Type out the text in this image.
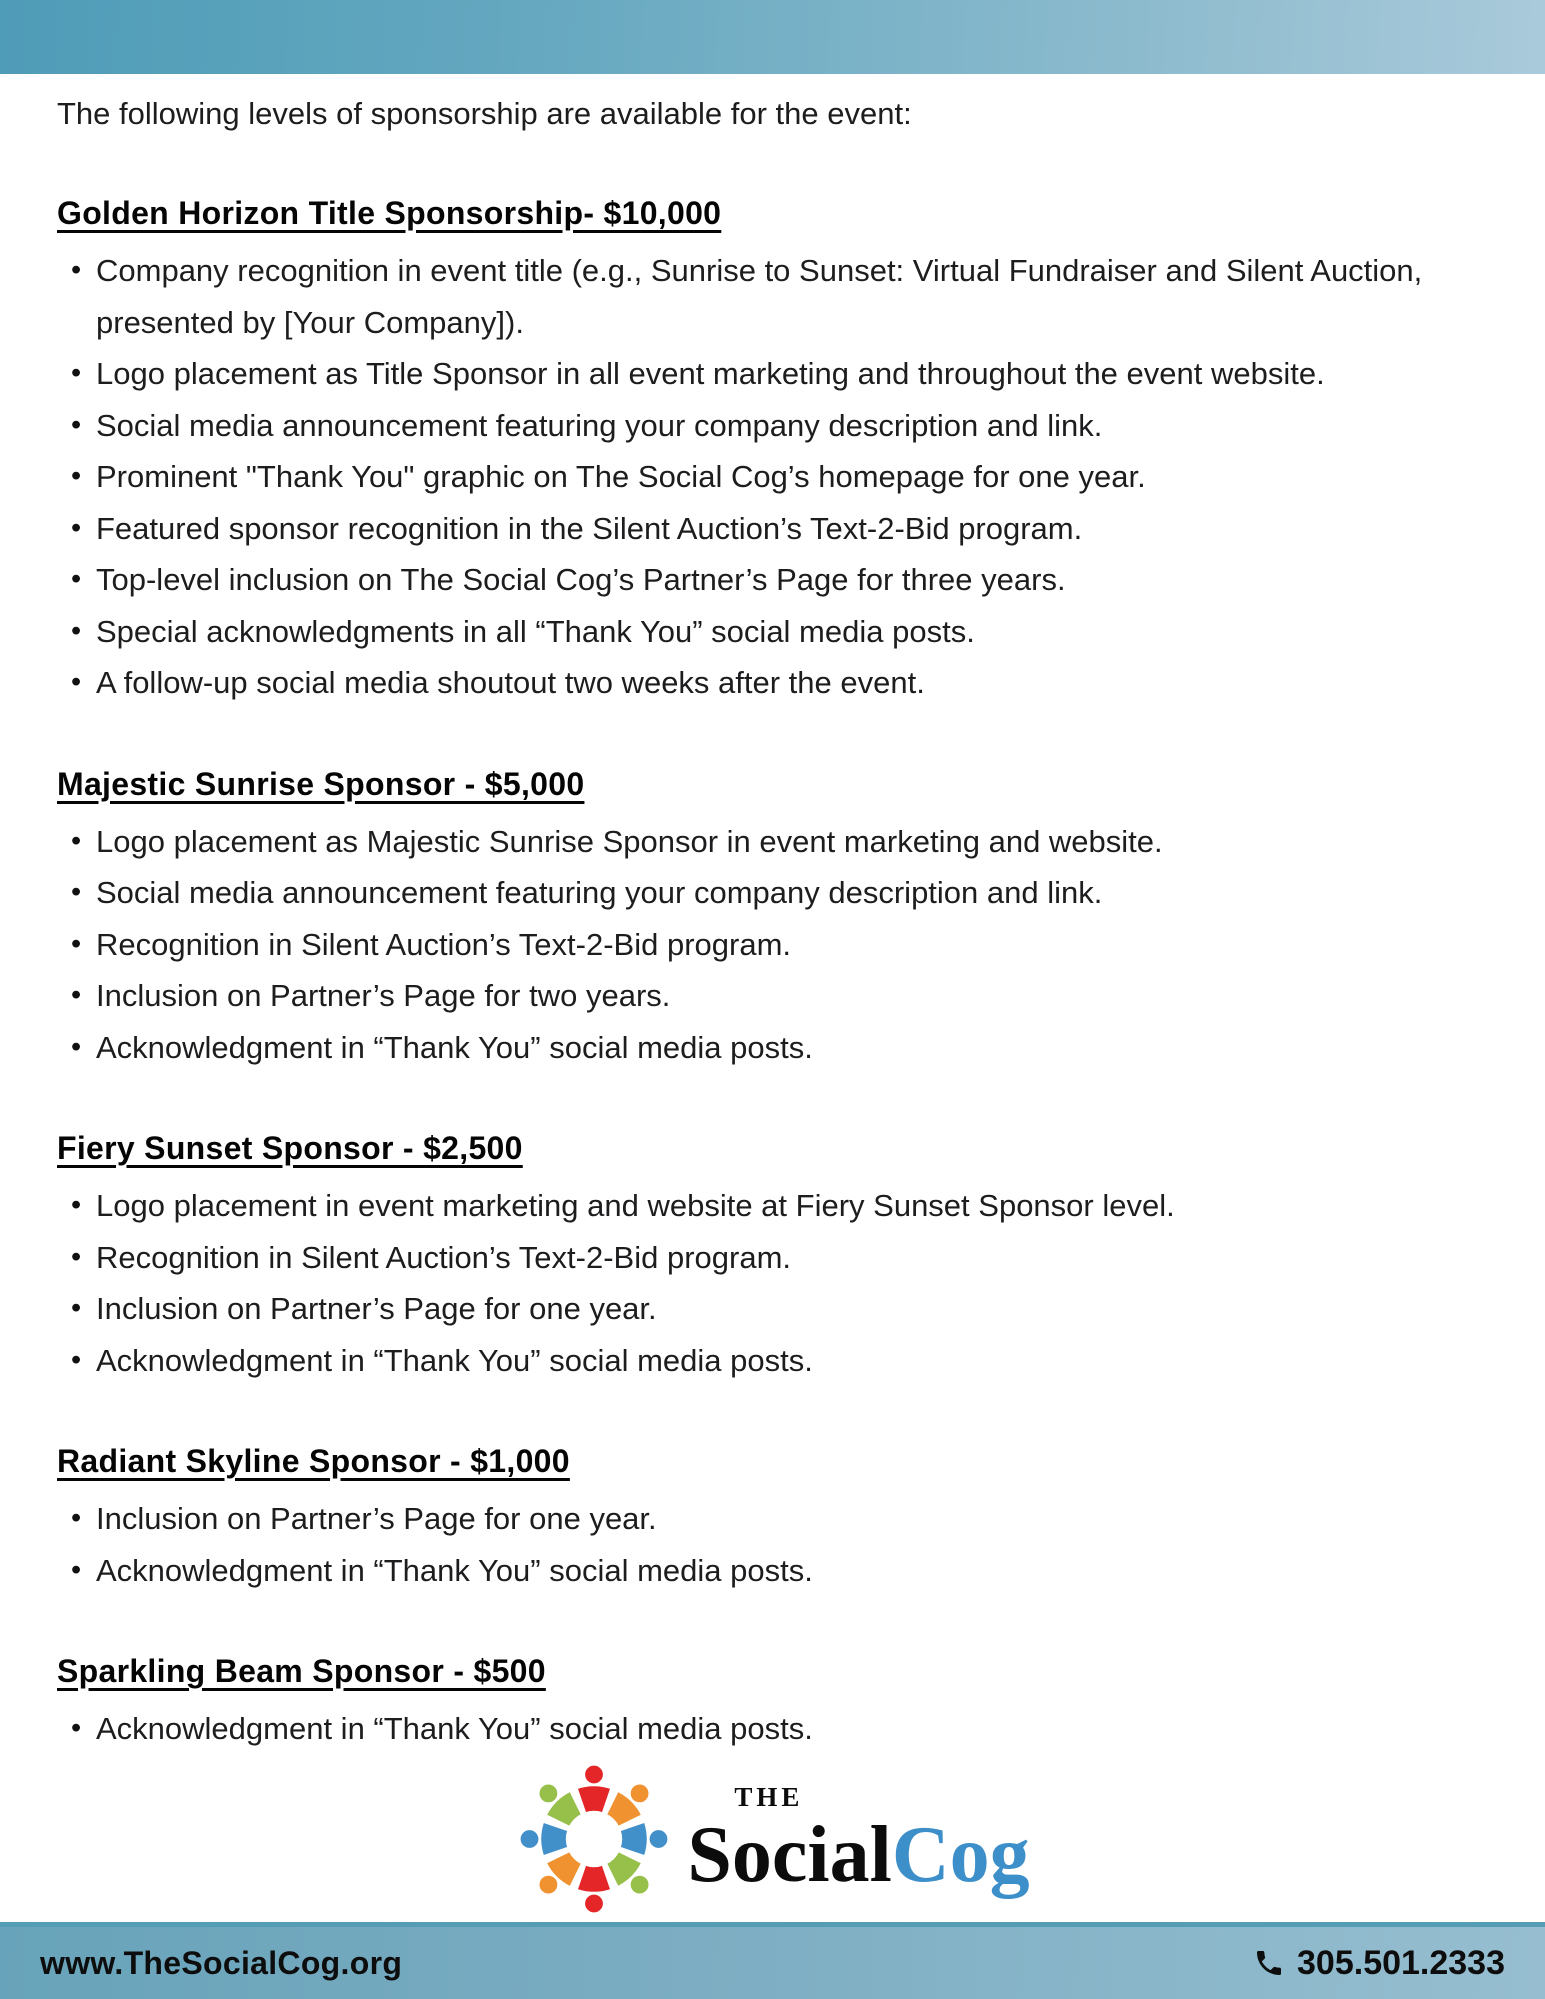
The following levels of sponsorship are available for the event:

Golden Horizon Title Sponsorship- $10,000
• Company recognition in event title (e.g., Sunrise to Sunset: Virtual Fundraiser and Silent Auction, presented by [Your Company]).
• Logo placement as Title Sponsor in all event marketing and throughout the event website.
• Social media announcement featuring your company description and link.
• Prominent "Thank You" graphic on The Social Cog’s homepage for one year.
• Featured sponsor recognition in the Silent Auction’s Text-2-Bid program.
• Top-level inclusion on The Social Cog’s Partner’s Page for three years.
• Special acknowledgments in all “Thank You” social media posts.
• A follow-up social media shoutout two weeks after the event.
Majestic Sunrise Sponsor - $5,000
• Logo placement as Majestic Sunrise Sponsor in event marketing and website.
• Social media announcement featuring your company description and link.
• Recognition in Silent Auction’s Text-2-Bid program.
• Inclusion on Partner’s Page for two years.
• Acknowledgment in “Thank You” social media posts.
Fiery Sunset Sponsor - $2,500
• Logo placement in event marketing and website at Fiery Sunset Sponsor level.
• Recognition in Silent Auction’s Text-2-Bid program.
• Inclusion on Partner’s Page for one year.
• Acknowledgment in “Thank You” social media posts.
Radiant Skyline Sponsor - $1,000
• Inclusion on Partner’s Page for one year.
• Acknowledgment in “Thank You” social media posts.
Sparkling Beam Sponsor - $500
• Acknowledgment in “Thank You” social media posts.
THE
SocialCog
www.TheSocialCog.org	305.501.2333
